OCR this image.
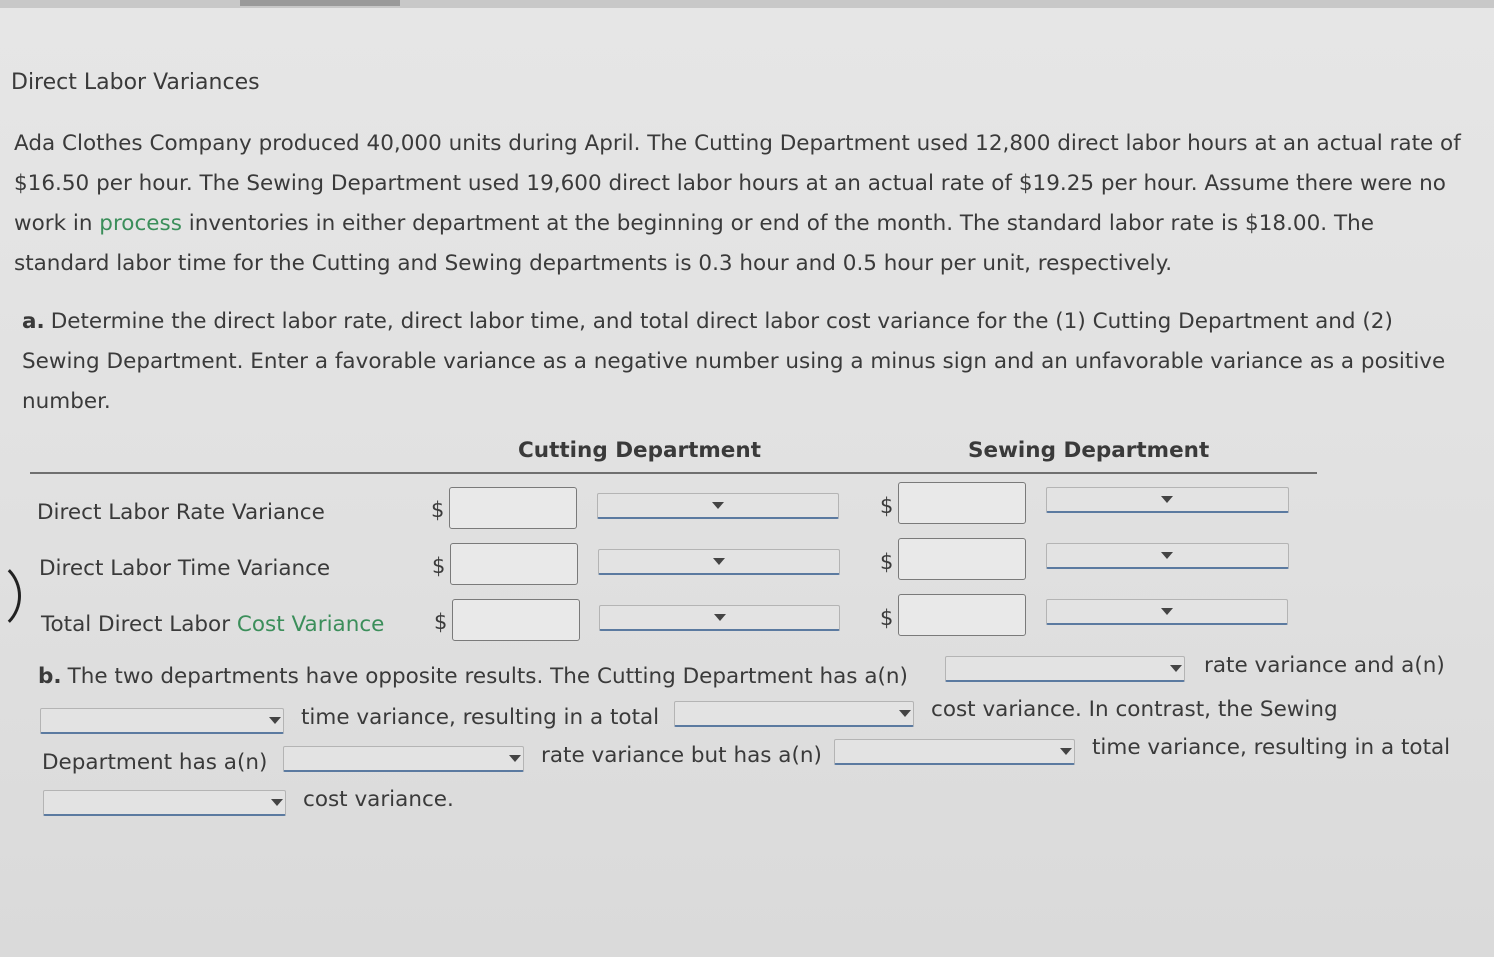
Direct Labor Variances
Ada Clothes Company produced 40,000 units during April. The Cutting Department used 12,800 direct labor hours at an actual rate of $16.50 per hour. The Sewing Department used 19,600 direct labor hours at an actual rate of $19.25 per hour. Assume there were no work in process inventories in either department at the beginning or end of the month. The standard labor rate is $18.00. The standard labor time for the Cutting and Sewing departments is 0.3 hour and 0.5 hour per unit, respectively.
a. Determine the direct labor rate, direct labor time, and total direct labor cost variance for the (1) Cutting Department and (2) Sewing Department. Enter a favorable variance as a negative number using a minus sign and an unfavorable variance as a positive number.
Cutting Department	Sewing Department
Direct Labor Rate Variance	$	$
Direct Labor Time Variance	$	$
Total Direct Labor Cost Variance $	$
b. The two departments have opposite results. The Cutting Department has a(n)	rate variance and a(n)
time variance, resulting in a total	cost variance. In contrast, the Sewing
Department has a(n)	rate variance but has a(n)	time variance, resulting in a total
cost variance.
